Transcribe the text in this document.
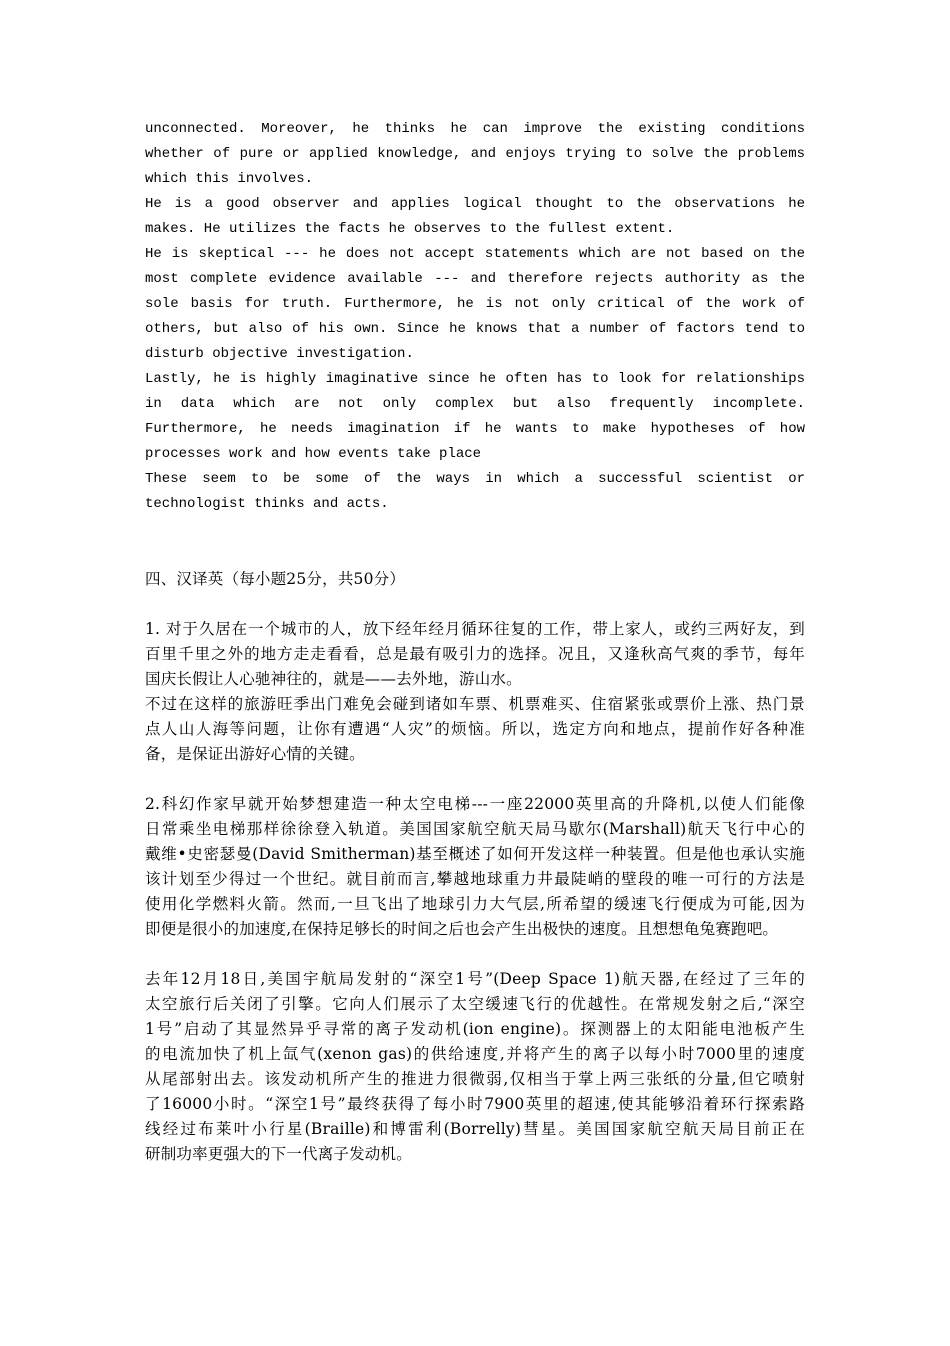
unconnected. Moreover, he thinks he can improve the existing conditions
whether of pure or applied knowledge, and enjoys trying to solve the problems
which this involves.
He is a good observer and applies logical thought to the observations he
makes. He utilizes the facts he observes to the fullest extent.
He is skeptical --- he does not accept statements which are not based on the
most complete evidence available --- and therefore rejects authority as the
sole basis for truth. Furthermore, he is not only critical of the work of
others, but also of his own. Since he knows that a number of factors tend to
disturb objective investigation.
Lastly, he is highly imaginative since he often has to look for relationships
in data which are not only complex but also frequently incomplete.
Furthermore, he needs imagination if he wants to make hypotheses of how
processes work and how events take place
These seem to be some of the ways in which a successful scientist or
technologist thinks and acts.
四、汉译英（每小题25分，共50分）
1. 对于久居在一个城市的人，放下经年经月循环往复的工作，带上家人，或约三两好友，到
百里千里之外的地方走走看看，总是最有吸引力的选择。况且，又逢秋高气爽的季节，每年
国庆长假让人心驰神往的，就是——去外地，游山水。
不过在这样的旅游旺季出门难免会碰到诸如车票、机票难买、住宿紧张或票价上涨、热门景
点人山人海等问题，让你有遭遇“人灾”的烦恼。所以，选定方向和地点，提前作好各种准
备，是保证出游好心情的关键。
2.科幻作家早就开始梦想建造一种太空电梯---一座22000英里高的升降机,以使人们能像
日常乘坐电梯那样徐徐登入轨道。美国国家航空航天局马歇尔(Marshall)航天飞行中心的
戴维•史密瑟曼(David Smitherman)基至概述了如何开发这样一种装置。但是他也承认实施
该计划至少得过一个世纪。就目前而言,攀越地球重力井最陡峭的壁段的唯一可行的方法是
使用化学燃料火箭。然而,一旦飞出了地球引力大气层,所希望的缓速飞行便成为可能,因为
即便是很小的加速度,在保持足够长的时间之后也会产生出极快的速度。且想想龟兔赛跑吧。
去年12月18日,美国宇航局发射的“深空1号”(Deep Space 1)航天器,在经过了三年的
太空旅行后关闭了引擎。它向人们展示了太空缓速飞行的优越性。在常规发射之后,“深空
1号”启动了其显然异乎寻常的离子发动机(ion engine)。探测器上的太阳能电池板产生
的电流加快了机上氙气(xenon gas)的供给速度,并将产生的离子以每小时7000里的速度
从尾部射出去。该发动机所产生的推进力很微弱,仅相当于掌上两三张纸的分量,但它喷射
了16000小时。“深空1号”最终获得了每小时7900英里的超速,使其能够沿着环行探索路
线经过布莱叶小行星(Braille)和博雷利(Borrelly)彗星。美国国家航空航天局目前正在
研制功率更强大的下一代离子发动机。
